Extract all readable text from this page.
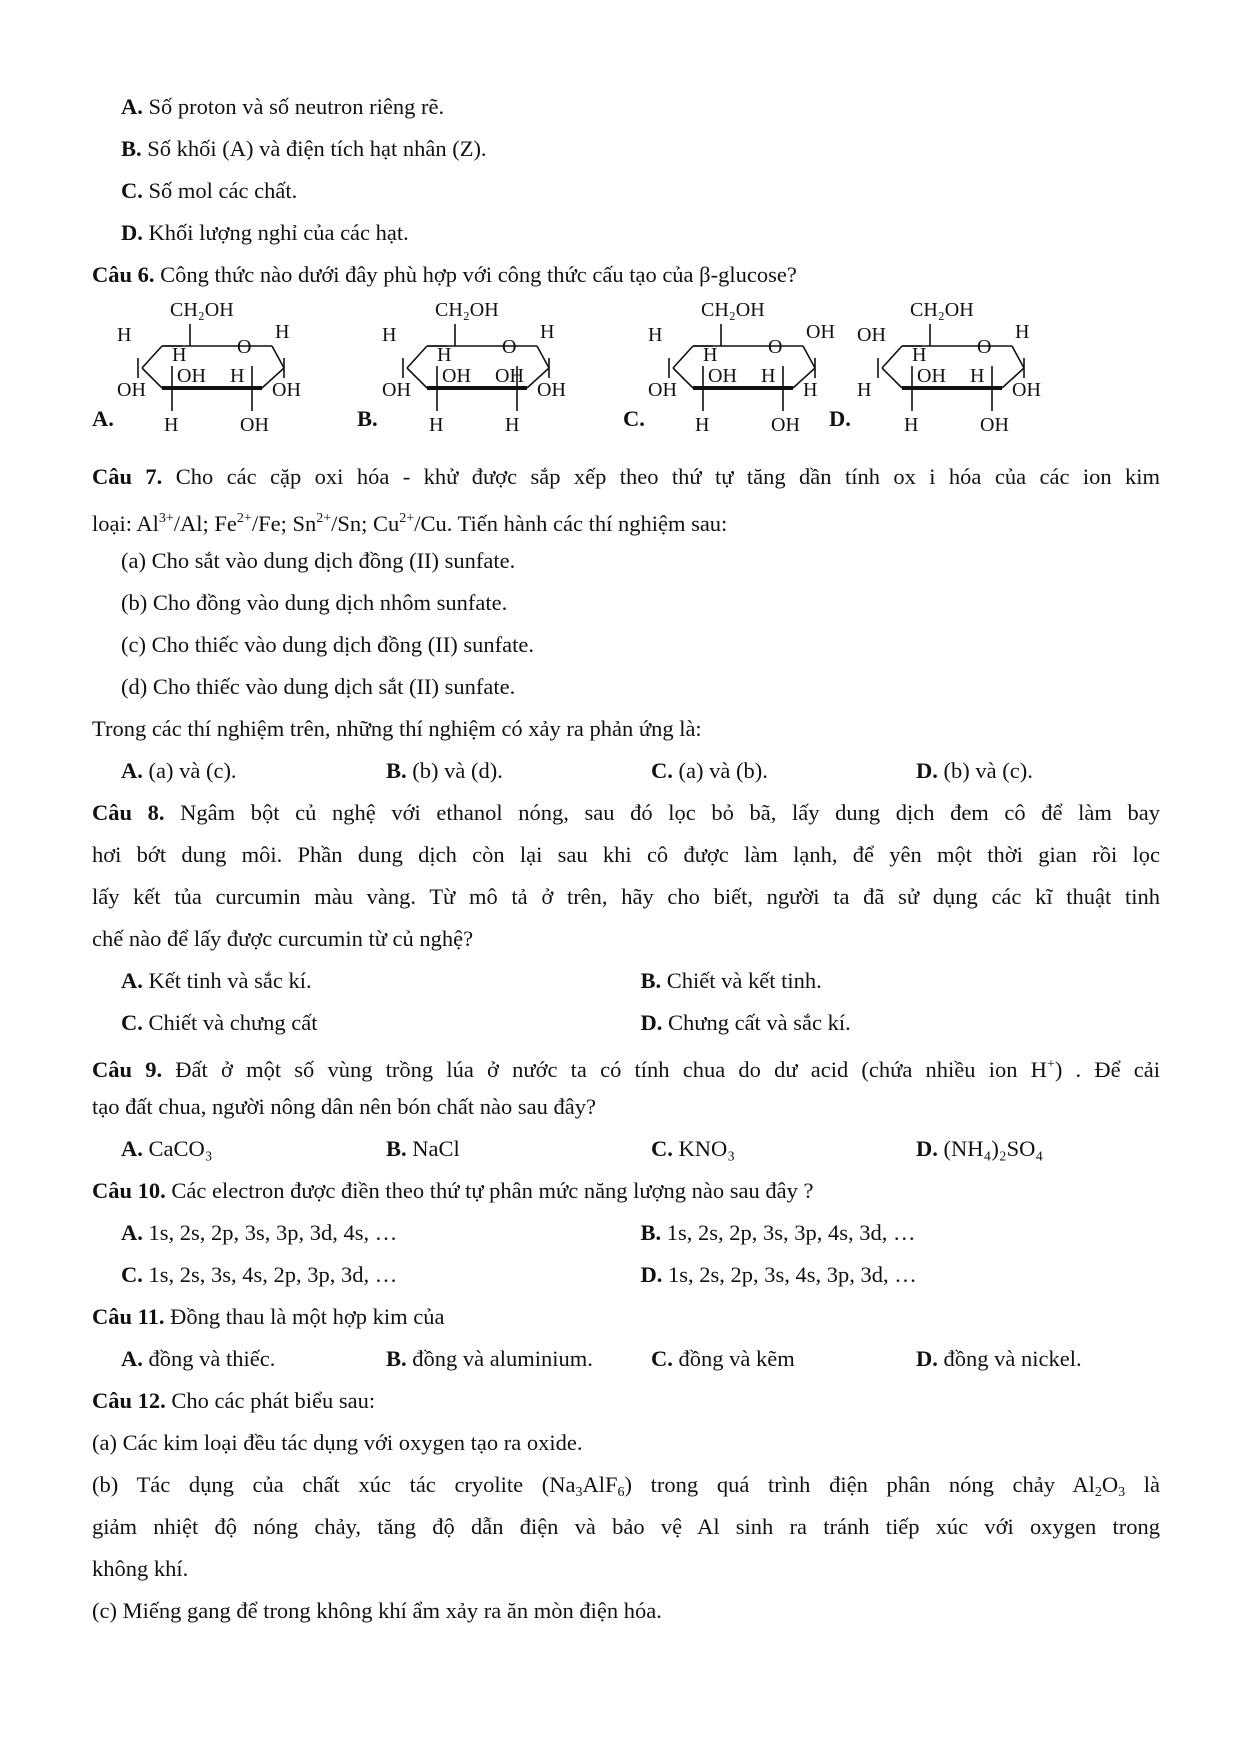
A. Số proton và số neutron riêng rẽ.
B. Số khối (A) và điện tích hạt nhân (Z).
C. Số mol các chất.
D. Khối lượng nghỉ của các hạt.
Câu 6. Công thức nào dưới đây phù hợp với công thức cấu tạo của β-glucose?
A.
CH₂OH
O
H
H
H
OH	OH
OH H
H	OH	B.
CH₂OH
O
H
H
H
OH	OH
OH OH
H	H	C.
CH₂OH
O
H
OH
H
OH	H
OH H
H	OH D.
CH₂OH
O
H
H
OH
H	OH
OH H
H	OH
Câu 7. Cho các cặp oxi hóa - khử được sắp xếp theo thứ tự tăng dần tính ox i hóa của các ion kim
loại: $Al^{3+}/Al$; $Fe^{2+}/Fe$; $Sn^{2+}/Sn$; $Cu^{2+}/Cu$. Tiến hành các thí nghiệm sau:
(a) Cho sắt vào dung dịch đồng (II) sunfate.
(b) Cho đồng vào dung dịch nhôm sunfate.
(c) Cho thiếc vào dung dịch đồng (II) sunfate.
(d) Cho thiếc vào dung dịch sắt (II) sunfate.
Trong các thí nghiệm trên, những thí nghiệm có xảy ra phản ứng là:
A. (a) và (c).	B. (b) và (d).	C. (a) và (b).	D. (b) và (c).
Câu 8. Ngâm bột củ nghệ với ethanol nóng, sau đó lọc bỏ bã, lấy dung dịch đem cô để làm bay
hơi bớt dung môi. Phần dung dịch còn lại sau khi cô được làm lạnh, để yên một thời gian rồi lọc
lấy kết tủa curcumin màu vàng. Từ mô tả ở trên, hãy cho biết, người ta đã sử dụng các kĩ thuật tinh
chế nào để lấy được curcumin từ củ nghệ?
A. Kết tinh và sắc kí.	B. Chiết và kết tinh.
C. Chiết và chưng cất	D. Chưng cất và sắc kí.
Câu 9. Đất ở một số vùng trồng lúa ở nước ta có tính chua do dư acid (chứa nhiều ion H+) . Để cải
tạo đất chua, người nông dân nên bón chất nào sau đây?
A. CaCO₃	B. NaCl	C. KNO₃	D. (NH₄)₂SO₄
Câu 10. Các electron được điền theo thứ tự phân mức năng lượng nào sau đây ?
A. 1s, 2s, 2p, 3s, 3p, 3d, 4s, …	B. 1s, 2s, 2p, 3s, 3p, 4s, 3d, …
C. 1s, 2s, 3s, 4s, 2p, 3p, 3d, …	D. 1s, 2s, 2p, 3s, 4s, 3p, 3d, …
Câu 11. Đồng thau là một hợp kim của
A. đồng và thiếc.	B. đồng và aluminium.	C. đồng và kẽm	D. đồng và nickel.
Câu 12. Cho các phát biểu sau:
(a) Các kim loại đều tác dụng với oxygen tạo ra oxide.
(b) Tác dụng của chất xúc tác cryolite $(Na_3AlF_6)$ trong quá trình điện phân nóng chảy $Al_2O_3$ là
giảm nhiệt độ nóng chảy, tăng độ dẫn điện và bảo vệ Al sinh ra tránh tiếp xúc với oxygen trong
không khí.
(c) Miếng gang để trong không khí ẩm xảy ra ăn mòn điện hóa.
